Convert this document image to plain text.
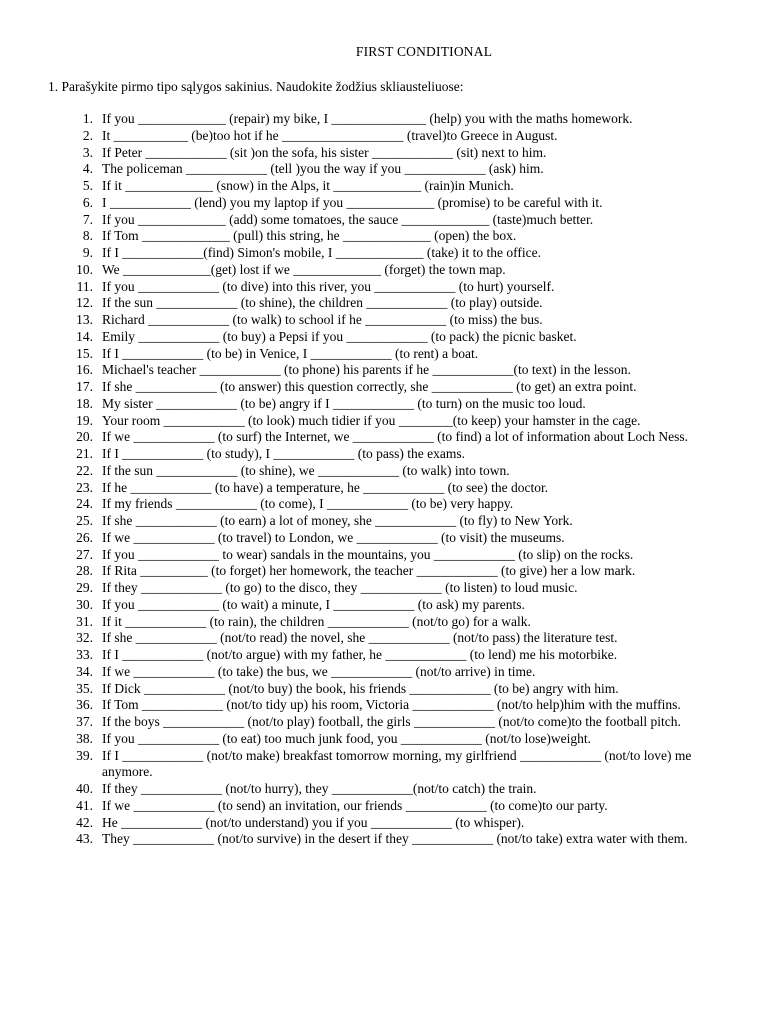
FIRST CONDITIONAL
1. Parašykite pirmo tipo sąlygos sakinius. Naudokite žodžius skliausteliuose:
1. If you _____________ (repair) my bike, I ______________ (help) you with the maths homework.
2. It ___________ (be)too hot if he __________________ (travel)to Greece in August.
3. If Peter ____________ (sit )on the sofa, his sister ____________ (sit) next to him.
4. The policeman ____________ (tell )you the way if you ____________ (ask) him.
5. If it _____________ (snow) in the Alps, it _____________ (rain)in Munich.
6. I ____________ (lend) you my laptop if you _____________ (promise) to be careful with it.
7. If you _____________ (add) some tomatoes, the sauce _____________ (taste)much better.
8. If Tom _____________ (pull) this string, he _____________ (open) the box.
9. If I ____________(find) Simon's mobile, I _____________ (take) it to the office.
10. We _____________(get) lost if we _____________ (forget) the town map.
11. If you ____________ (to dive) into this river, you ____________ (to hurt) yourself.
12. If the sun ____________ (to shine), the children ____________ (to play) outside.
13. Richard ____________ (to walk) to school if he ____________ (to miss) the bus.
14. Emily ____________ (to buy) a Pepsi if you ____________ (to pack) the picnic basket.
15. If I ____________ (to be) in Venice, I ____________ (to rent) a boat.
16. Michael's teacher ____________ (to phone) his parents if he ____________(to text) in the lesson.
17. If she ____________ (to answer) this question correctly, she ____________ (to get) an extra point.
18. My sister ____________ (to be) angry if I ____________ (to turn) on the music too loud.
19. Your room ____________ (to look) much tidier if you ________(to keep) your hamster in the cage.
20. If we ____________ (to surf) the Internet, we ____________ (to find) a lot of information about Loch Ness.
21. If I ____________ (to study), I ____________ (to pass) the exams.
22. If the sun ____________ (to shine), we ____________ (to walk) into town.
23. If he ____________ (to have) a temperature, he ____________ (to see) the doctor.
24. If my friends ____________ (to come), I ____________ (to be) very happy.
25. If she ____________ (to earn) a lot of money, she ____________ (to fly) to New York.
26. If we ____________ (to travel) to London, we ____________ (to visit) the museums.
27. If you ____________ to wear) sandals in the mountains, you ____________ (to slip) on the rocks.
28. If Rita __________ (to forget) her homework, the teacher ____________ (to give) her a low mark.
29. If they ____________ (to go) to the disco, they ____________ (to listen) to loud music.
30. If you ____________ (to wait) a minute, I ____________ (to ask) my parents.
31. If it ____________ (to rain), the children ____________ (not/to go) for a walk.
32. If she ____________ (not/to read) the novel, she ____________ (not/to pass) the literature test.
33. If I ____________ (not/to argue) with my father, he ____________ (to lend) me his motorbike.
34. If we ____________ (to take) the bus, we ____________ (not/to arrive) in time.
35. If Dick ____________ (not/to buy) the book, his friends ____________ (to be) angry with him.
36. If Tom ____________ (not/to tidy up) his room, Victoria ____________ (not/to help)him with the muffins.
37. If the boys ____________ (not/to play) football, the girls ____________ (not/to come)to the football pitch.
38. If you ____________ (to eat) too much junk food, you ____________ (not/to lose)weight.
39. If I ____________ (not/to make) breakfast tomorrow morning, my girlfriend ____________ (not/to love) me anymore.
40. If they ____________ (not/to hurry), they ____________(not/to catch) the train.
41. If we ____________ (to send) an invitation, our friends ____________ (to come)to our party.
42. He ____________ (not/to understand) you if you ____________ (to whisper).
43. They ____________ (not/to survive) in the desert if they ____________ (not/to take) extra water with them.
